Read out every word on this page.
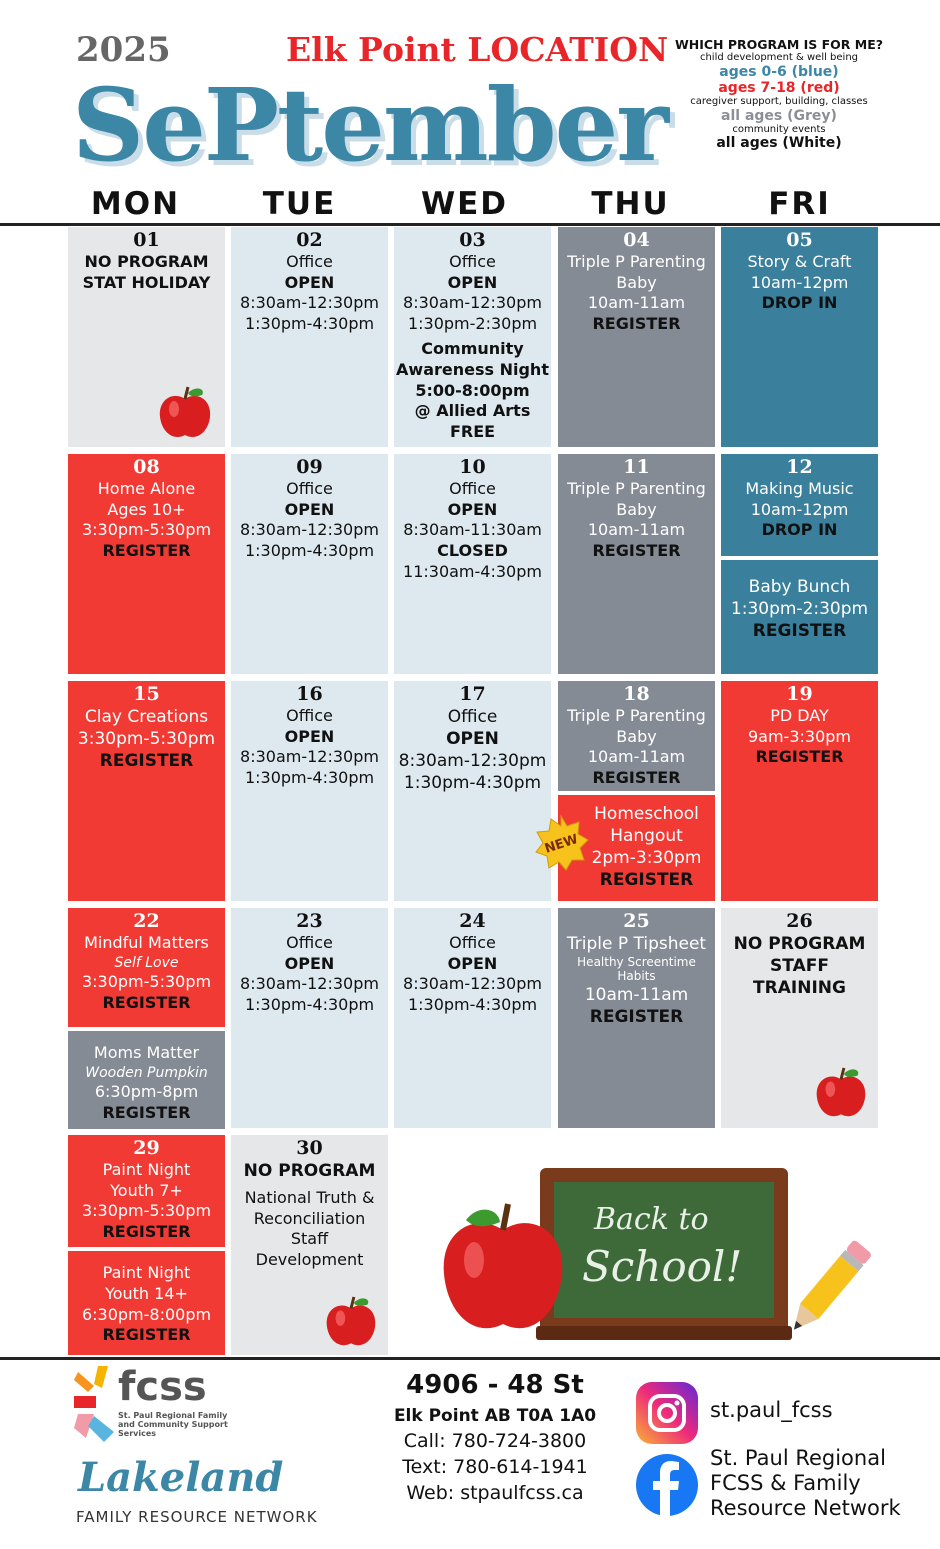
2025	Elk Point LOCATION
SePtember
WHICH PROGRAM IS FOR ME?
child development & well being
ages 0-6 (blue)
ages 7-18 (red)
caregiver support, building, classes
all ages (Grey)
community events
all ages (White)
MON	TUE	WED	THU	FRI
01
NO PROGRAM
STAT HOLIDAY
02
Office
OPEN
8:30am-12:30pm
1:30pm-4:30pm
03
Office
OPEN
8:30am-12:30pm
1:30pm-2:30pm
Community
Awareness Night
5:00-8:00pm
@ Allied Arts
FREE
04
Triple P Parenting
Baby
10am-11am
REGISTER
05
Story & Craft
10am-12pm
DROP IN
08
Home Alone
Ages 10+
3:30pm-5:30pm
REGISTER
09
Office
OPEN
8:30am-12:30pm
1:30pm-4:30pm
10
Office
OPEN
8:30am-11:30am
CLOSED
11:30am-4:30pm
11
Triple P Parenting
Baby
10am-11am
REGISTER
12
Making Music
10am-12pm
DROP IN
Baby Bunch
1:30pm-2:30pm
REGISTER
15
Clay Creations
3:30pm-5:30pm
REGISTER
16
Office
OPEN
8:30am-12:30pm
1:30pm-4:30pm
17
Office
OPEN
8:30am-12:30pm
1:30pm-4:30pm
18
Triple P Parenting
Baby
10am-11am
REGISTER
Homeschool
Hangout
2pm-3:30pm
REGISTER
19
PD DAY
9am-3:30pm
REGISTER
NEW
22
Mindful Matters
Self Love
3:30pm-5:30pm
REGISTER
Moms Matter
Wooden Pumpkin
6:30pm-8pm
REGISTER
23
Office
OPEN
8:30am-12:30pm
1:30pm-4:30pm
24
Office
OPEN
8:30am-12:30pm
1:30pm-4:30pm
25
Triple P Tipsheet
Healthy Screentime
Habits
10am-11am
REGISTER
26
NO PROGRAM
STAFF TRAINING
29
Paint Night
Youth 7+
3:30pm-5:30pm
REGISTER
Paint Night
Youth 14+
6:30pm-8:00pm
REGISTER
30
NO PROGRAM
National Truth &
Reconciliation
Staff
Development
Back to
School!
fcss
St. Paul Regional Family and Community Support Services
Lakeland
FAMILY RESOURCE NETWORK
4906 - 48 St
Elk Point AB T0A 1A0
Call: 780-724-3800
Text: 780-614-1941
Web: stpaulfcss.ca
st.paul_fcss
St. Paul Regional
FCSS & Family
Resource Network
